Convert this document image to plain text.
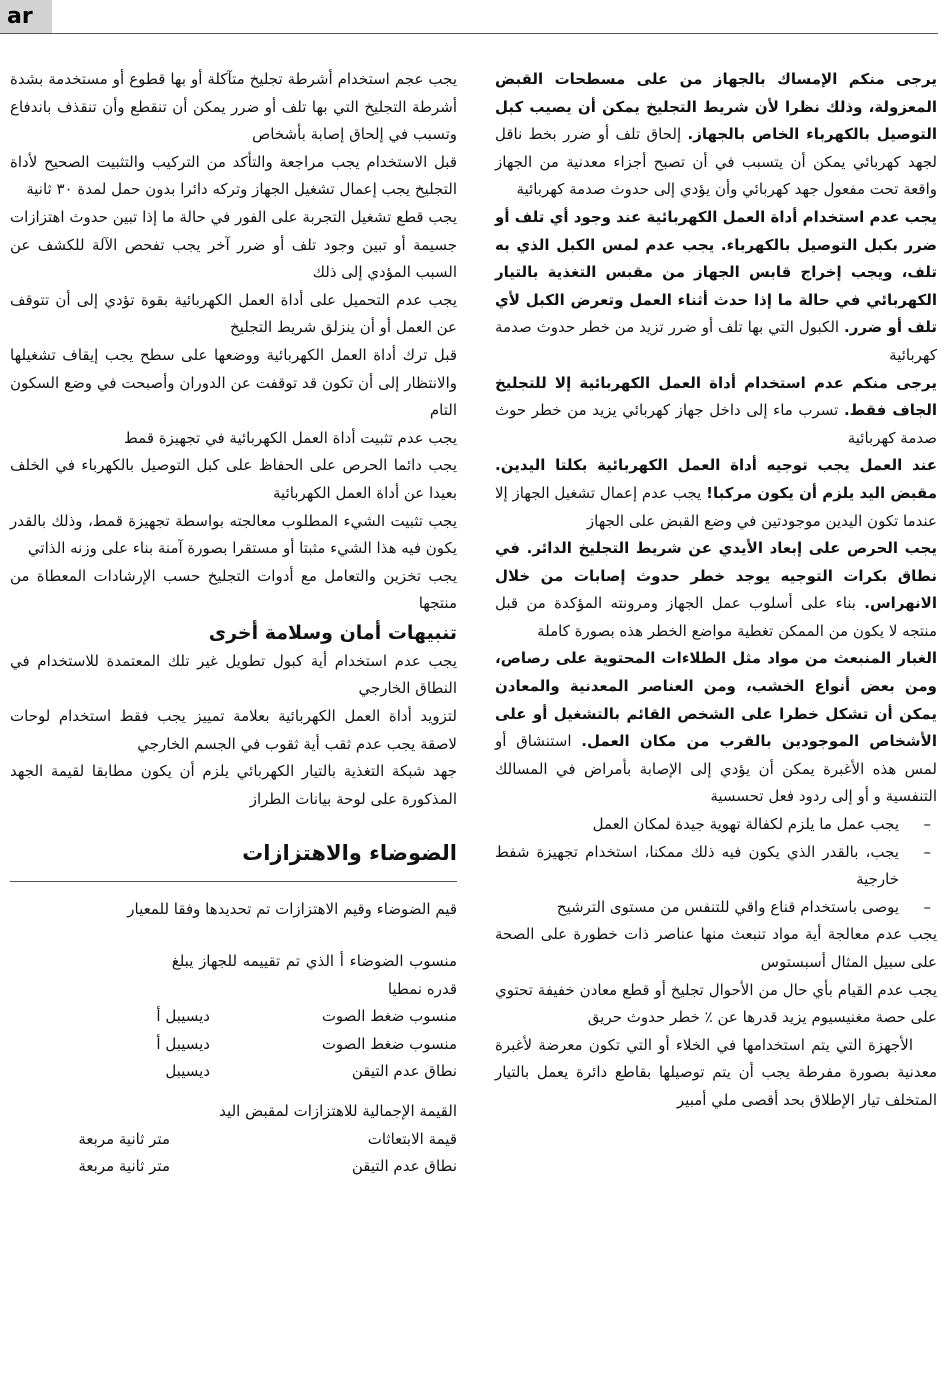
ar

يرجى منكم الإمساك بالجهاز من على مسطحات القبض المعزولة، وذلك نظرا لأن شريط التجليخ يمكن أن يصيب كبل التوصيل بالكهرباء الخاص بالجهاز. إلحاق تلف أو ضرر بخط ناقل لجهد كهربائي يمكن أن يتسبب في أن تصبح أجزاء معدنية من الجهاز واقعة تحت مفعول جهد كهربائي وأن يؤدي إلى حدوث صدمة كهربائية

يجب عدم استخدام أداة العمل الكهربائية عند وجود أي تلف أو ضرر بكبل التوصيل بالكهرباء. يجب عدم لمس الكبل الذي به تلف، ويجب إخراج قابس الجهاز من مقبس التغذية بالتيار الكهربائي في حالة ما إذا حدث أثناء العمل وتعرض الكبل لأي تلف أو ضرر. الكبول التي بها تلف أو ضرر تزيد من خطر حدوث صدمة كهربائية

يرجى منكم عدم استخدام أداة العمل الكهربائية إلا للتجليخ الجاف فقط. تسرب ماء إلى داخل جهاز كهربائي يزيد من خطر حوث صدمة كهربائية

عند العمل يجب توجيه أداة العمل الكهربائية بكلتا اليدين. مقبض اليد يلزم أن يكون مركبا! يجب عدم إعمال تشغيل الجهاز إلا عندما تكون اليدين موجودتين في وضع القبض على الجهاز

يجب الحرص على إبعاد الأيدي عن شريط التجليخ الدائر. في نطاق بكرات التوجيه يوجد خطر حدوث إصابات من خلال الانهراس. بناء على أسلوب عمل الجهاز ومرونته المؤكدة من قبل منتجه لا يكون من الممكن تغطية مواضع الخطر هذه بصورة كاملة

الغبار المنبعث من مواد مثل الطلاءات المحتوية على رصاص، ومن بعض أنواع الخشب، ومن العناصر المعدنية والمعادن يمكن أن تشكل خطرا على الشخص القائم بالتشغيل أو على الأشخاص الموجودين بالقرب من مكان العمل. استنشاق أو لمس هذه الأغبرة يمكن أن يؤدي إلى الإصابة بأمراض في المسالك التنفسية و أو إلى ردود فعل تحسسية

– يجب عمل ما يلزم لكفالة تهوية جيدة لمكان العمل
– يجب، بالقدر الذي يكون فيه ذلك ممكنا، استخدام تجهيزة شفط خارجية
– يوصى باستخدام قناع واقي للتنفس من مستوى الترشيح

يجب عدم معالجة أية مواد تنبعث منها عناصر ذات خطورة على الصحة على سبيل المثال أسبستوس

يجب عدم القيام بأي حال من الأحوال تجليخ أو قطع معادن خفيفة تحتوي على حصة مغنيسيوم يزيد قدرها عن ٪ خطر حدوث حريق

الأجهزة التي يتم استخدامها في الخلاء أو التي تكون معرضة لأغبرة معدنية بصورة مفرطة يجب أن يتم توصيلها بقاطع دائرة يعمل بالتيار المتخلف تيار الإطلاق بحد أقصى ملي أمبير

يجب عجم استخدام أشرطة تجليخ متآكلة أو بها قطوع أو مستخدمة بشدة أشرطة التجليخ التي بها تلف أو ضرر يمكن أن تنقطع وأن تنقذف باندفاع وتسبب في إلحاق إصابة بأشخاص

قبل الاستخدام يجب مراجعة والتأكد من التركيب والتثبيت الصحيح لأداة التجليخ يجب إعمال تشغيل الجهاز وتركه دائرا بدون حمل لمدة ٣٠ ثانية

يجب قطع تشغيل التجربة على الفور في حالة ما إذا تبين حدوث اهتزازات جسيمة أو تبين وجود تلف أو ضرر آخر يجب تفحص الآلة للكشف عن السبب المؤدي إلى ذلك

يجب عدم التحميل على أداة العمل الكهربائية بقوة تؤدي إلى أن تتوقف عن العمل أو أن ينزلق شريط التجليخ

قبل ترك أداة العمل الكهربائية ووضعها على سطح يجب إيقاف تشغيلها والانتظار إلى أن تكون قد توقفت عن الدوران وأصبحت في وضع السكون التام

يجب عدم تثبيت أداة العمل الكهربائية في تجهيزة قمط

يجب دائما الحرص على الحفاظ على كبل التوصيل بالكهرباء في الخلف بعيدا عن أداة العمل الكهربائية

يجب تثبيت الشيء المطلوب معالجته بواسطة تجهيزة قمط، وذلك بالقدر يكون فيه هذا الشيء مثبتا أو مستقرا بصورة آمنة بناء على وزنه الذاتي

يجب تخزين والتعامل مع أدوات التجليخ حسب الإرشادات المعطاة من منتجها

تنبيهات أمان وسلامة أخرى

يجب عدم استخدام أية كبول تطويل غير تلك المعتمدة للاستخدام في النطاق الخارجي

لتزويد أداة العمل الكهربائية بعلامة تمييز يجب فقط استخدام لوحات لاصقة يجب عدم ثقب أية ثقوب في الجسم الخارجي

جهد شبكة التغذية بالتيار الكهربائي يلزم أن يكون مطابقا لقيمة الجهد المذكورة على لوحة بيانات الطراز

الضوضاء والاهتزازات

قيم الضوضاء وقيم الاهتزازات تم تحديدها وفقا للمعيار

منسوب الضوضاء أ الذي تم تقييمه للجهاز يبلغ قدره نمطيا
منسوب ضغط الصوت
ديسيبل أ
منسوب ضغط الصوت
ديسيبل أ
نطاق عدم التيقن
ديسيبل

القيمة الإجمالية للاهتزازات لمقبض اليد

قيمة الابتعاثات
متر ثانية مربعة
نطاق عدم التيقن
متر ثانية مربعة
